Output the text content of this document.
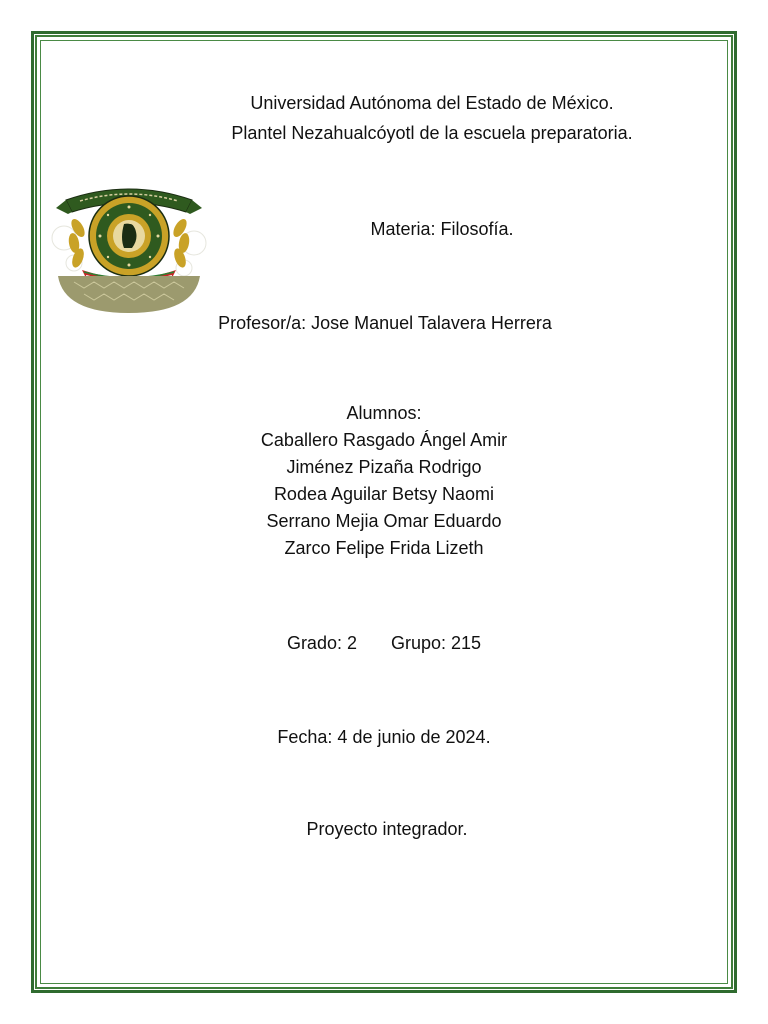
Universidad Autónoma del Estado de México.
Plantel Nezahualcóyotl de la escuela preparatoria.
Materia: Filosofía.
Profesor/a: Jose Manuel Talavera Herrera
Alumnos:
Caballero Rasgado Ángel Amir
Jiménez Pizaña Rodrigo
Rodea Aguilar Betsy Naomi
Serrano Mejia Omar Eduardo
Zarco Felipe Frida Lizeth
Grado: 2 Grupo: 215
Fecha: 4 de junio de 2024.
Proyecto integrador.
